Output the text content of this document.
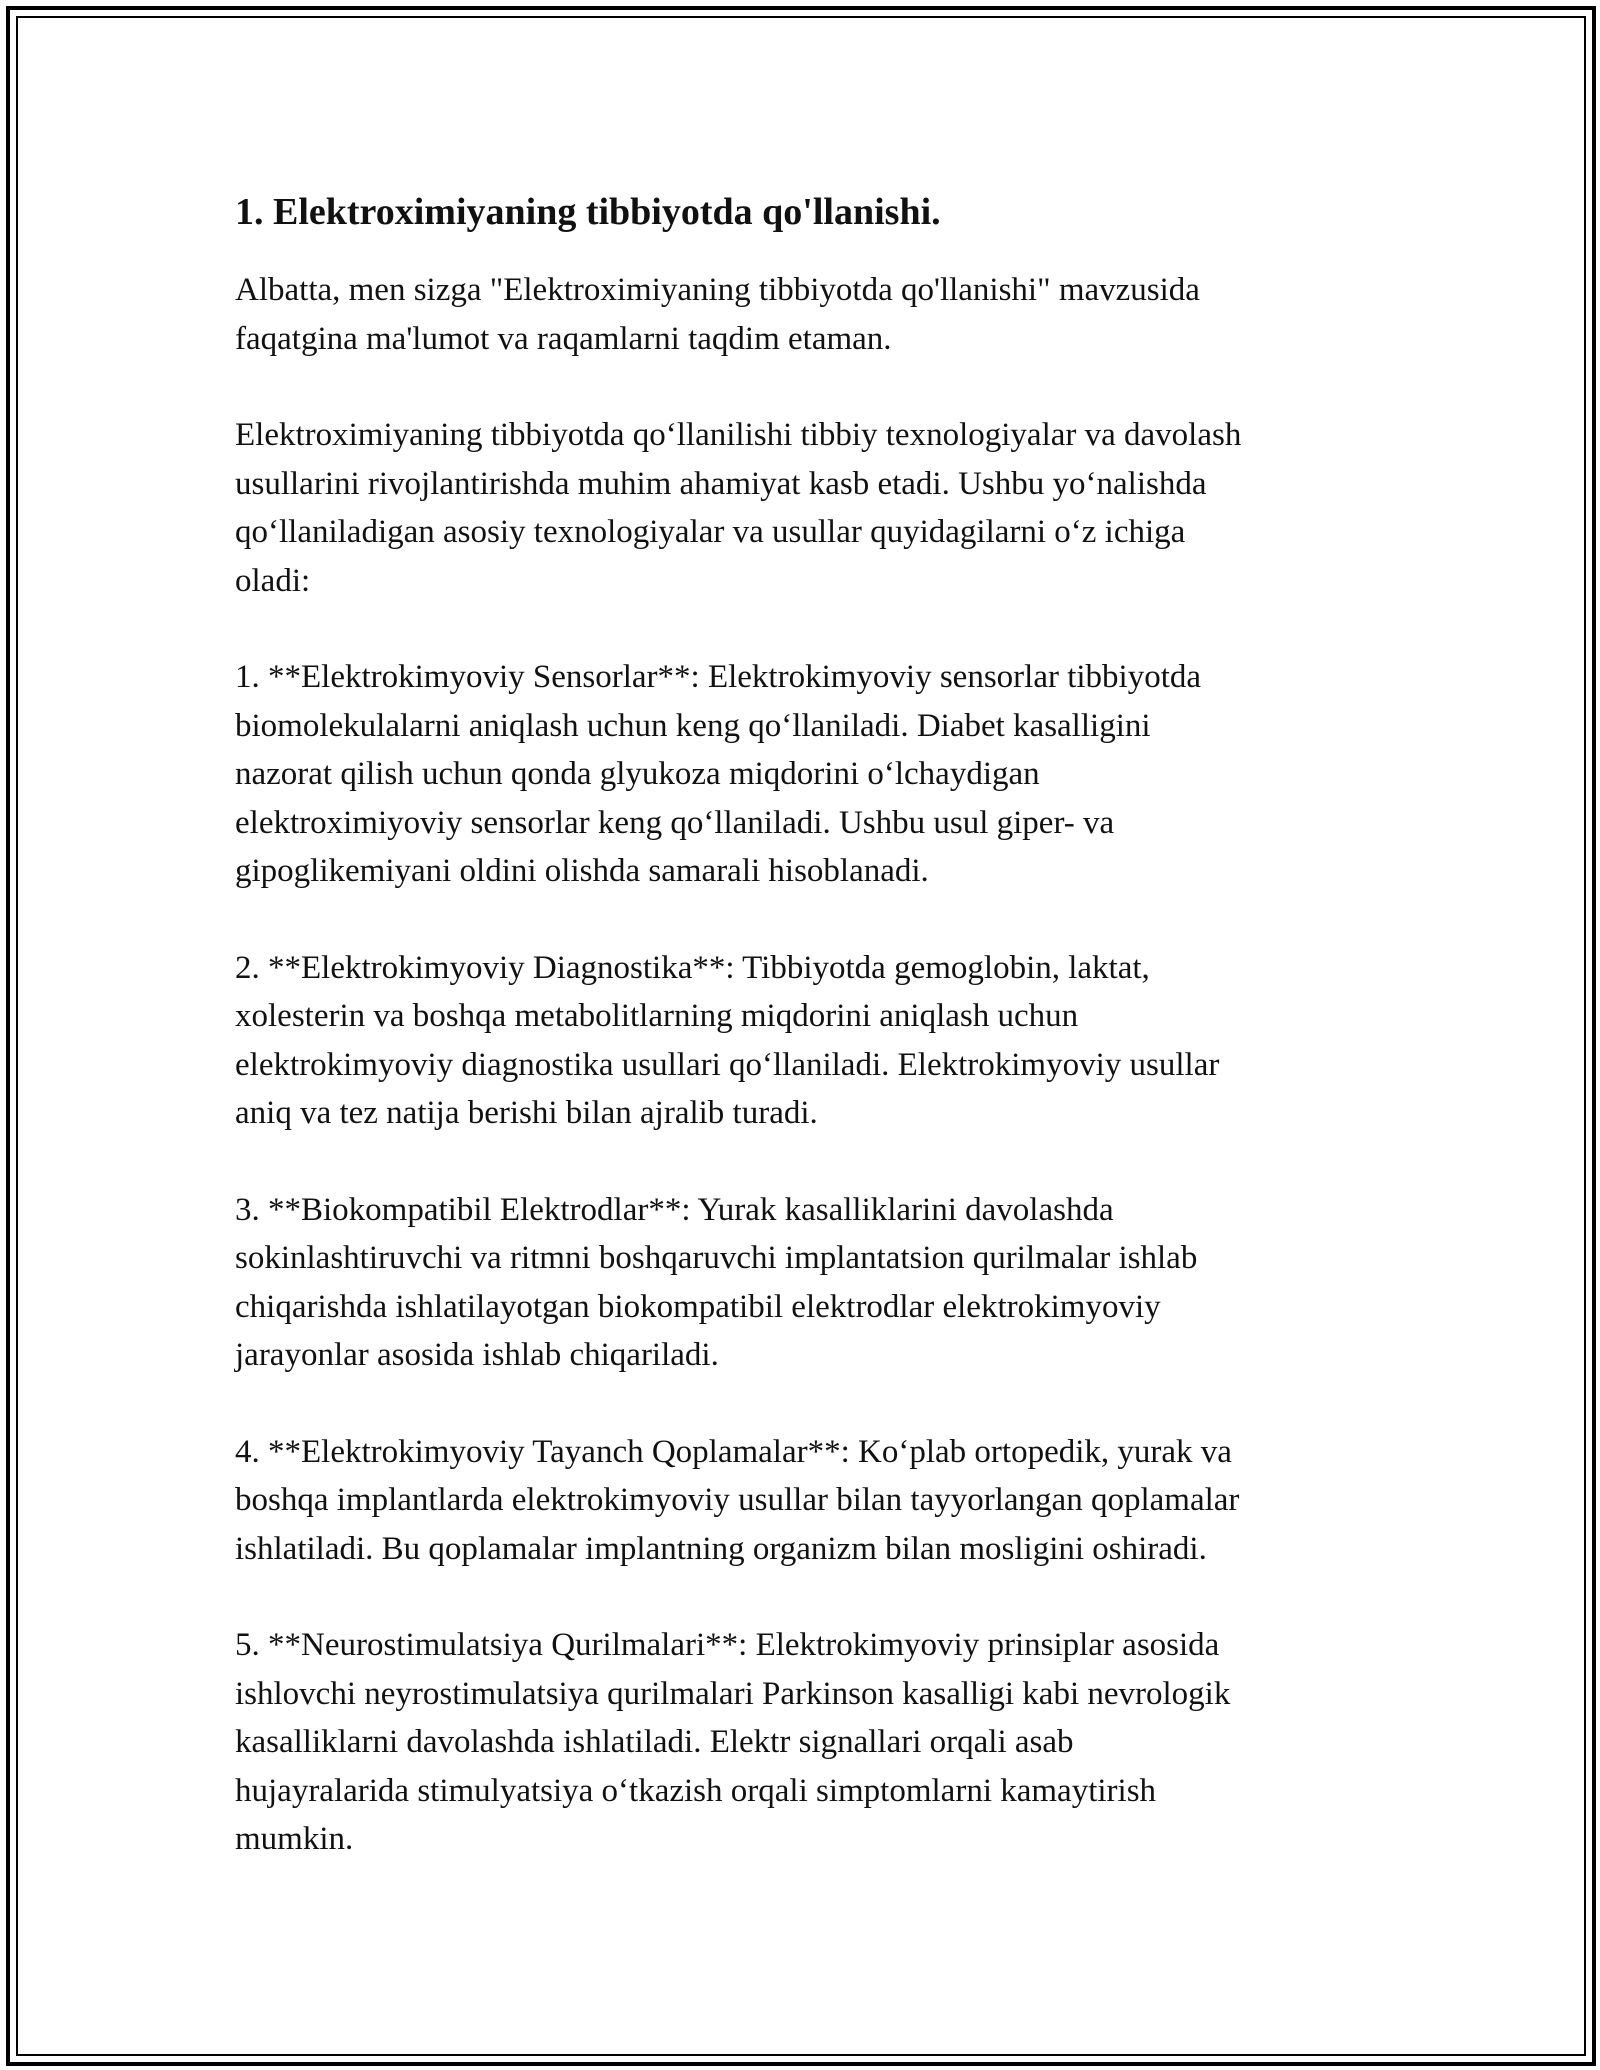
1. Elektroximiyaning tibbiyotda qo'llanishi.

Albatta, men sizga "Elektroximiyaning tibbiyotda qo'llanishi" mavzusida
faqatgina ma'lumot va raqamlarni taqdim etaman.

Elektroximiyaning tibbiyotda qo‘llanilishi tibbiy texnologiyalar va davolash
usullarini rivojlantirishda muhim ahamiyat kasb etadi. Ushbu yo‘nalishda
qo‘llaniladigan asosiy texnologiyalar va usullar quyidagilarni o‘z ichiga
oladi:

1. **Elektrokimyoviy Sensorlar**: Elektrokimyoviy sensorlar tibbiyotda
biomolekulalarni aniqlash uchun keng qo‘llaniladi. Diabet kasalligini
nazorat qilish uchun qonda glyukoza miqdorini o‘lchaydigan
elektroximiyoviy sensorlar keng qo‘llaniladi. Ushbu usul giper- va
gipoglikemiyani oldini olishda samarali hisoblanadi.

2. **Elektrokimyoviy Diagnostika**: Tibbiyotda gemoglobin, laktat,
xolesterin va boshqa metabolitlarning miqdorini aniqlash uchun
elektrokimyoviy diagnostika usullari qo‘llaniladi. Elektrokimyoviy usullar
aniq va tez natija berishi bilan ajralib turadi.

3. **Biokompatibil Elektrodlar**: Yurak kasalliklarini davolashda
sokinlashtiruvchi va ritmni boshqaruvchi implantatsion qurilmalar ishlab
chiqarishda ishlatilayotgan biokompatibil elektrodlar elektrokimyoviy
jarayonlar asosida ishlab chiqariladi.

4. **Elektrokimyoviy Tayanch Qoplamalar**: Ko‘plab ortopedik, yurak va
boshqa implantlarda elektrokimyoviy usullar bilan tayyorlangan qoplamalar
ishlatiladi. Bu qoplamalar implantning organizm bilan mosligini oshiradi.

5. **Neurostimulatsiya Qurilmalari**: Elektrokimyoviy prinsiplar asosida
ishlovchi neyrostimulatsiya qurilmalari Parkinson kasalligi kabi nevrologik
kasalliklarni davolashda ishlatiladi. Elektr signallari orqali asab
hujayralarida stimulyatsiya o‘tkazish orqali simptomlarni kamaytirish
mumkin.
